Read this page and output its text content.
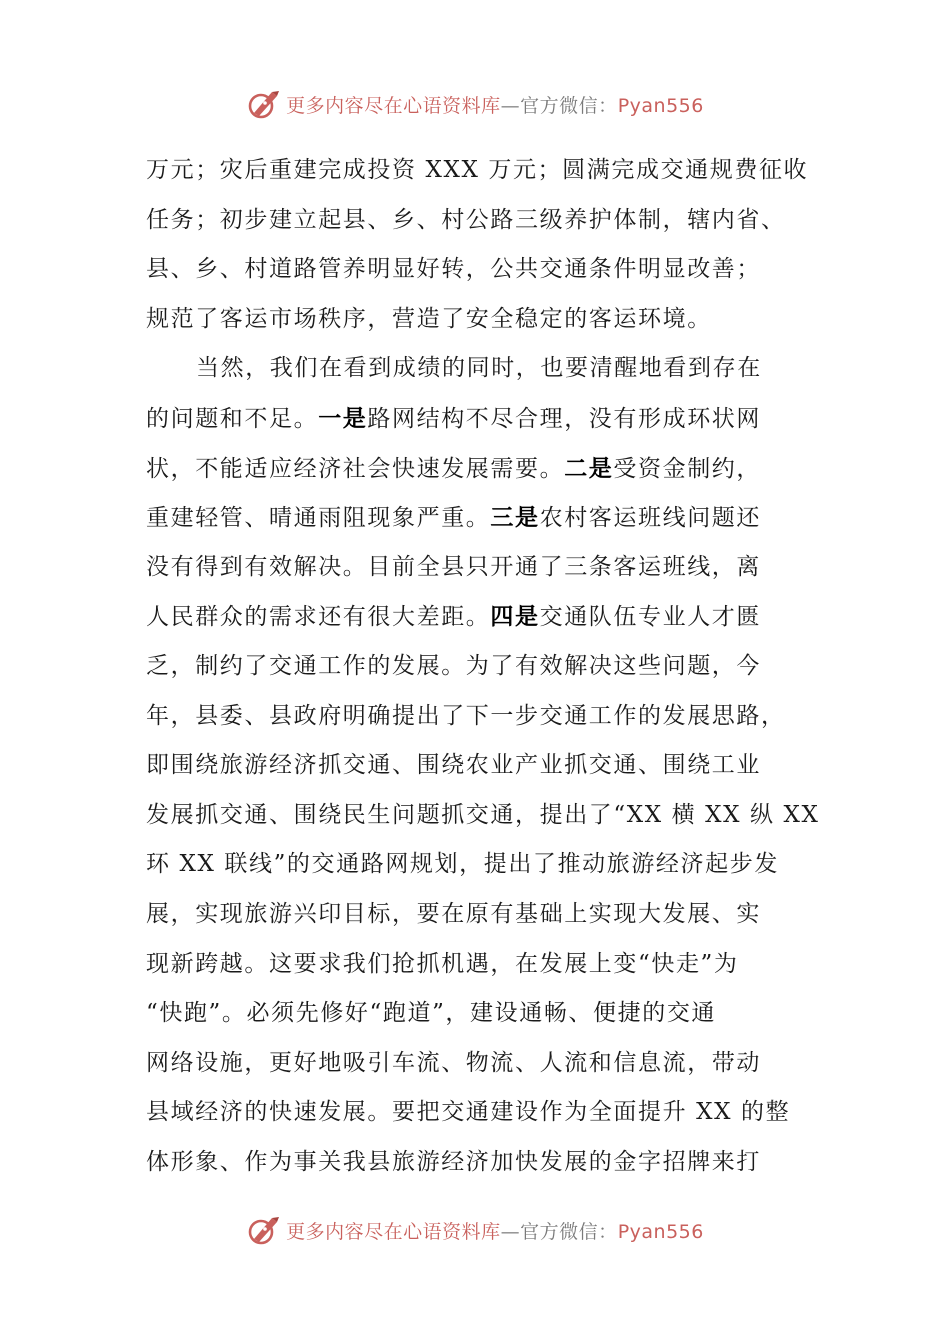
更多内容尽在心语资料库—官方微信：Pyan556
万元；灾后重建完成投资 XXX 万元；圆满完成交通规费征收
任务；初步建立起县、乡、村公路三级养护体制，辖内省、
县、乡、村道路管养明显好转，公共交通条件明显改善；
规范了客运市场秩序，营造了安全稳定的客运环境。
当然，我们在看到成绩的同时，也要清醒地看到存在
的问题和不足。一是路网结构不尽合理，没有形成环状网
状，不能适应经济社会快速发展需要。二是受资金制约，
重建轻管、晴通雨阻现象严重。三是农村客运班线问题还
没有得到有效解决。目前全县只开通了三条客运班线，离
人民群众的需求还有很大差距。四是交通队伍专业人才匮
乏，制约了交通工作的发展。为了有效解决这些问题，今
年，县委、县政府明确提出了下一步交通工作的发展思路，
即围绕旅游经济抓交通、围绕农业产业抓交通、围绕工业
发展抓交通、围绕民生问题抓交通，提出了“XX 横 XX 纵 XX
环 XX 联线”的交通路网规划，提出了推动旅游经济起步发
展，实现旅游兴印目标，要在原有基础上实现大发展、实
现新跨越。这要求我们抢抓机遇，在发展上变“快走”为
“快跑”。必须先修好“跑道”，建设通畅、便捷的交通
网络设施，更好地吸引车流、物流、人流和信息流，带动
县域经济的快速发展。要把交通建设作为全面提升 XX 的整
体形象、作为事关我县旅游经济加快发展的金字招牌来打
更多内容尽在心语资料库—官方微信：Pyan556
